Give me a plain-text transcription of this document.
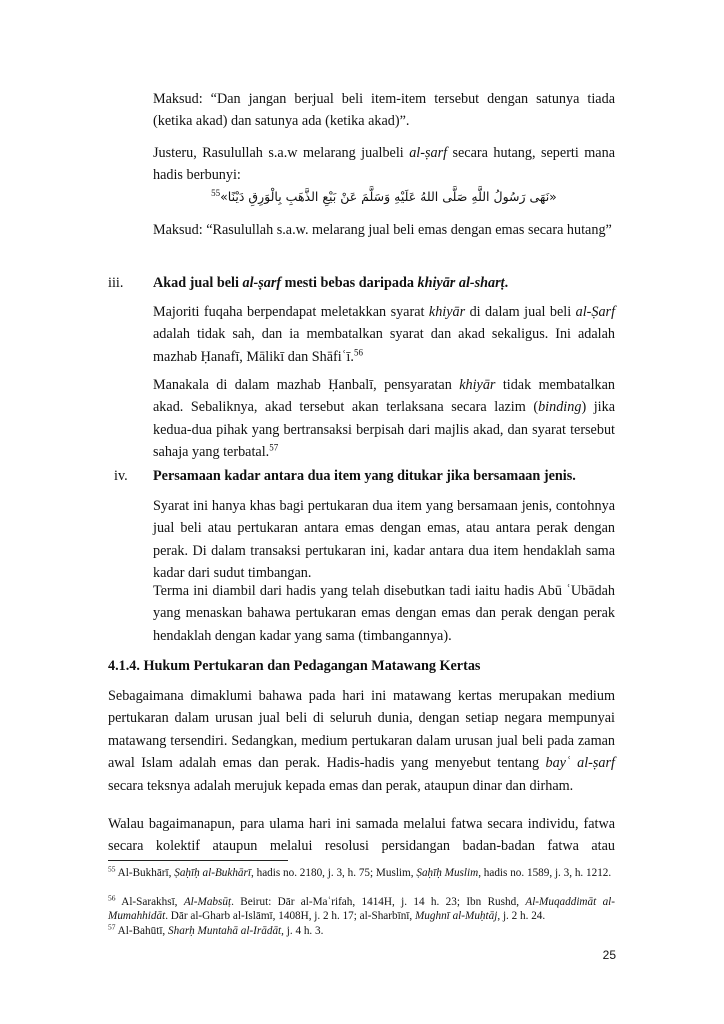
Maksud: “Dan jangan berjual beli item-item tersebut dengan satunya tiada (ketika akad) dan satunya ada (ketika akad)”.
Justeru, Rasulullah s.a.w melarang jualbeli al-ṣarf secara hutang, seperti mana hadis berbunyi:
$^{55}$«نَهَى رَسُولُ اللَّهِ صَلَّى اللهُ عَلَيْهِ وَسَلَّمَ عَنْ بَيْعِ الذَّهَبِ بِالْوَرِقِ دَيْنًا»
Maksud: “Rasulullah s.a.w. melarang jual beli emas dengan emas secara hutang”
iii.	Akad jual beli al-ṣarf mesti bebas daripada khiyār al-sharṭ.
Majoriti fuqaha berpendapat meletakkan syarat khiyār di dalam jual beli al-Ṣarf adalah tidak sah, dan ia membatalkan syarat dan akad sekaligus. Ini adalah mazhab Ḥanafī, Mālikī dan Shāfiʿī.$^{56}$
Manakala di dalam mazhab Ḥanbalī, pensyaratan khiyār tidak membatalkan akad. Sebaliknya, akad tersebut akan terlaksana secara lazim (binding) jika kedua-dua pihak yang bertransaksi berpisah dari majlis akad, dan syarat tersebut sahaja yang terbatal.$^{57}$
iv.	Persamaan kadar antara dua item yang ditukar jika bersamaan jenis.
Syarat ini hanya khas bagi pertukaran dua item yang bersamaan jenis, contohnya jual beli atau pertukaran antara emas dengan emas, atau antara perak dengan perak. Di dalam transaksi pertukaran ini, kadar antara dua item hendaklah sama kadar dari sudut timbangan.
Terma ini diambil dari hadis yang telah disebutkan tadi iaitu hadis Abū ʿUbādah yang menaskan bahawa pertukaran emas dengan emas dan perak dengan perak hendaklah dengan kadar yang sama (timbangannya).
4.1.4. Hukum Pertukaran dan Pedagangan Matawang Kertas
Sebagaimana dimaklumi bahawa pada hari ini matawang kertas merupakan medium pertukaran dalam urusan jual beli di seluruh dunia, dengan setiap negara mempunyai matawang tersendiri. Sedangkan, medium pertukaran dalam urusan jual beli pada zaman awal Islam adalah emas dan perak. Hadis-hadis yang menyebut tentang bayʿ al-ṣarf secara teksnya adalah merujuk kepada emas dan perak, ataupun dinar dan dirham.
Walau bagaimanapun, para ulama hari ini samada melalui fatwa secara individu, fatwa secara kolektif ataupun melalui resolusi persidangan badan-badan fatwa atau
$^{55}$ Al-Bukhārī, Ṣaḥīḥ al-Bukhārī, hadis no. 2180, j. 3, h. 75; Muslim, Ṣaḥīḥ Muslim, hadis no. 1589, j. 3, h. 1212.
$^{56}$ Al-Sarakhsī, Al-Mabsūṭ. Beirut: Dār al-Maʿrifah, 1414H, j. 14 h. 23; Ibn Rushd, Al-Muqaddimāt al-Mumahhidāt. Dār al-Gharb al-Islāmī, 1408H, j. 2 h. 17; al-Sharbīnī, Mughnī al-Muḥtāj, j. 2 h. 24.
$^{57}$ Al-Bahūtī, Sharḥ Muntahā al-Irādāt, j. 4 h. 3.
25
